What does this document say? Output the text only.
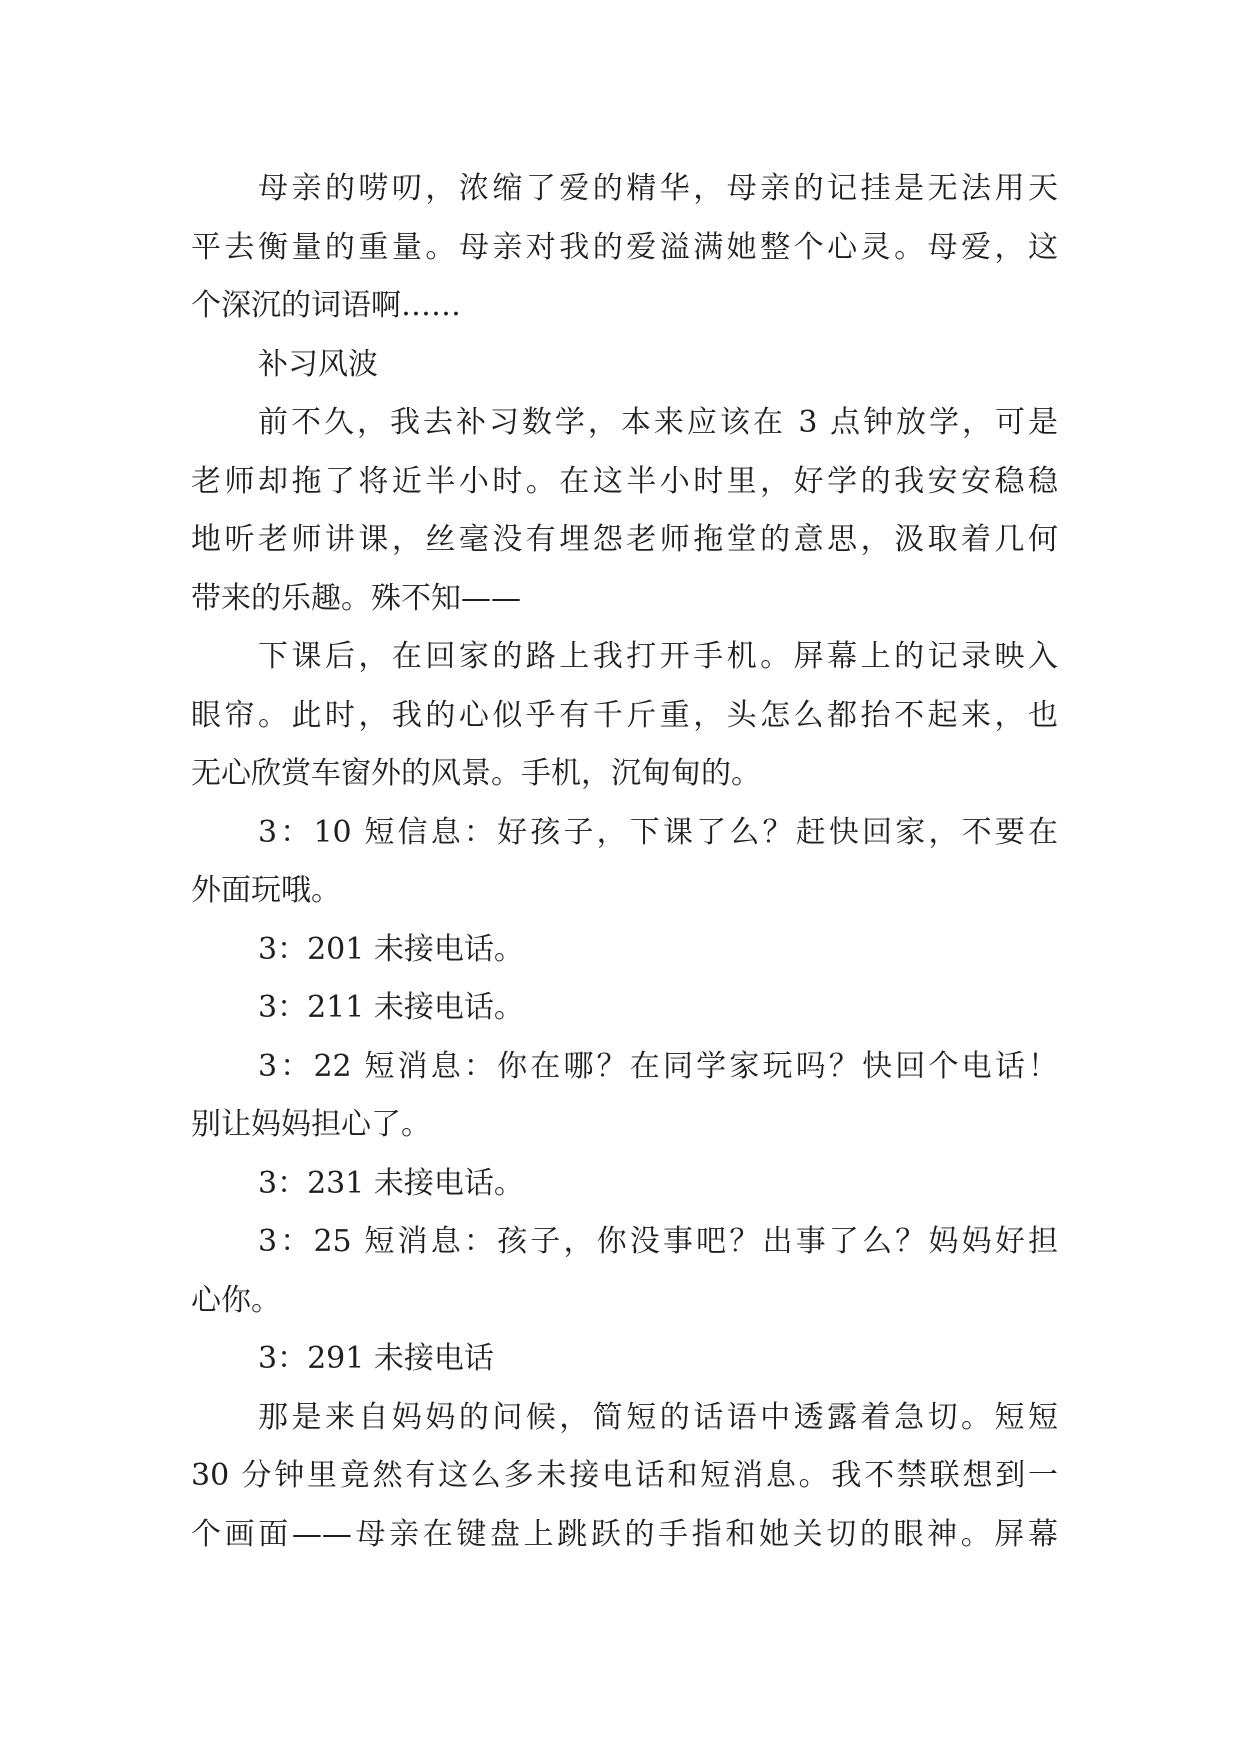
母亲的唠叨，浓缩了爱的精华，母亲的记挂是无法用天
平去衡量的重量。母亲对我的爱溢满她整个心灵。母爱，这
个深沉的词语啊……
补习风波
前不久，我去补习数学，本来应该在 3 点钟放学，可是
老师却拖了将近半小时。在这半小时里，好学的我安安稳稳
地听老师讲课，丝毫没有埋怨老师拖堂的意思，汲取着几何
带来的乐趣。殊不知——
下课后，在回家的路上我打开手机。屏幕上的记录映入
眼帘。此时，我的心似乎有千斤重，头怎么都抬不起来，也
无心欣赏车窗外的风景。手机，沉甸甸的。
3：10 短信息：好孩子，下课了么？赶快回家，不要在
外面玩哦。
3：201 未接电话。
3：211 未接电话。
3：22 短消息：你在哪？在同学家玩吗？快回个电话！
别让妈妈担心了。
3：231 未接电话。
3：25 短消息：孩子，你没事吧？出事了么？妈妈好担
心你。
3：291 未接电话
那是来自妈妈的问候，简短的话语中透露着急切。短短
30 分钟里竟然有这么多未接电话和短消息。我不禁联想到一
个画面——母亲在键盘上跳跃的手指和她关切的眼神。屏幕
